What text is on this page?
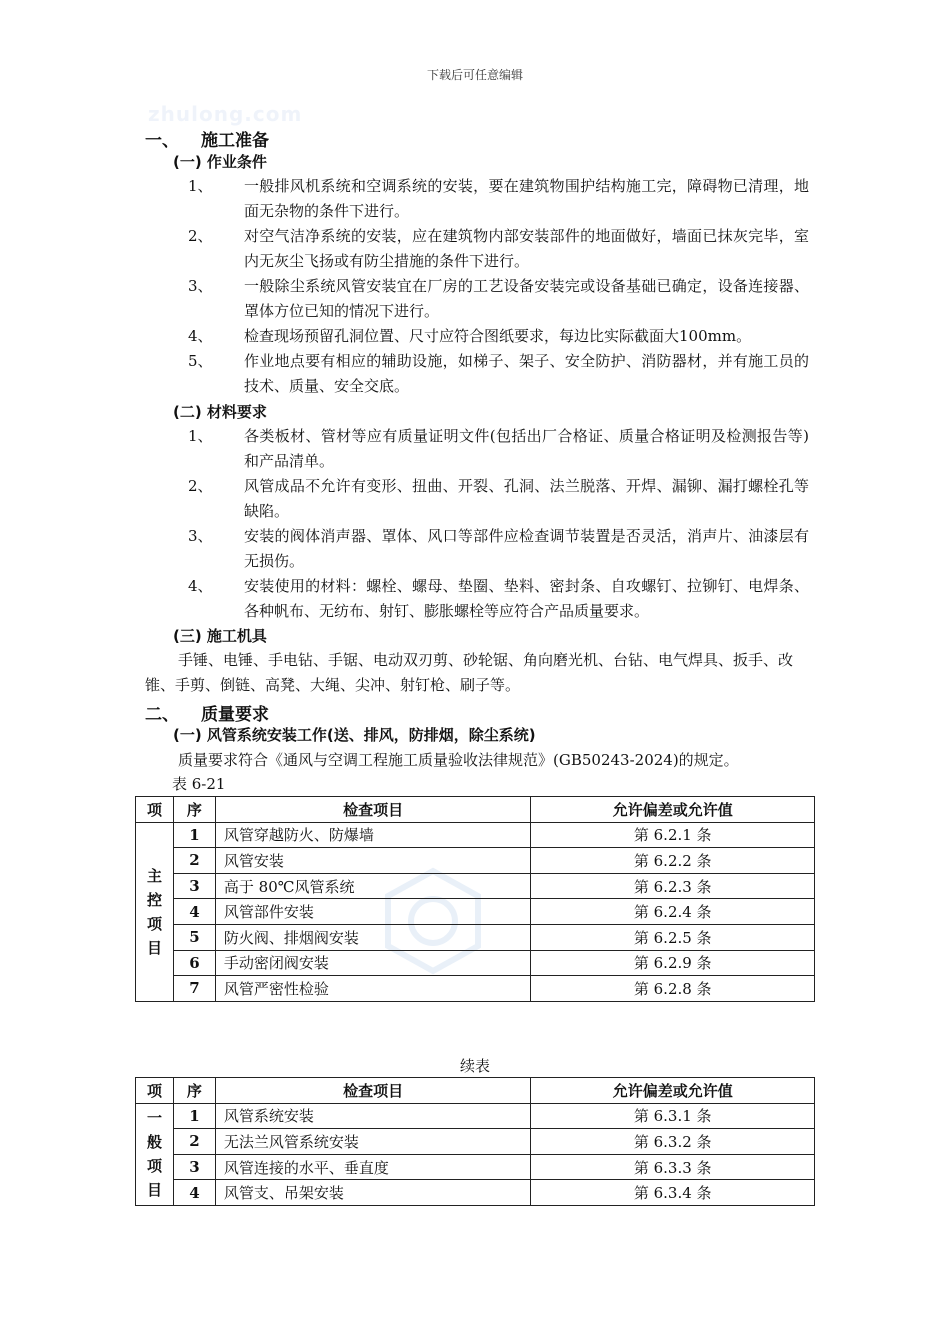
下载后可任意编辑
zhulong.com
一、 施工准备
(一) 作业条件
1、 一般排风机系统和空调系统的安装，要在建筑物围护结构施工完，障碍物已清理，地面无杂物的条件下进行。
2、 对空气洁净系统的安装，应在建筑物内部安装部件的地面做好，墙面已抹灰完毕，室内无灰尘飞扬或有防尘措施的条件下进行。
3、 一般除尘系统风管安装宜在厂房的工艺设备安装完或设备基础已确定，设备连接器、罩体方位已知的情况下进行。
4、 检查现场预留孔洞位置、尺寸应符合图纸要求，每边比实际截面大100mm。
5、 作业地点要有相应的辅助设施，如梯子、架子、安全防护、消防器材，并有施工员的技术、质量、安全交底。
(二) 材料要求
1、 各类板材、管材等应有质量证明文件(包括出厂合格证、质量合格证明及检测报告等)和产品清单。
2、 风管成品不允许有变形、扭曲、开裂、孔洞、法兰脱落、开焊、漏铆、漏打螺栓孔等缺陷。
3、 安装的阀体消声器、罩体、风口等部件应检查调节装置是否灵活，消声片、油漆层有无损伤。
4、 安装使用的材料：螺栓、螺母、垫圈、垫料、密封条、自攻螺钉、拉铆钉、电焊条、各种帆布、无纺布、射钉、膨胀螺栓等应符合产品质量要求。
(三) 施工机具
手锤、电锤、手电钻、手锯、电动双刃剪、砂轮锯、角向磨光机、台钻、电气焊具、扳手、改锥、手剪、倒链、高凳、大绳、尖冲、射钉枪、刷子等。
二、 质量要求
(一) 风管系统安装工作(送、排风，防排烟，除尘系统)
质量要求符合《通风与空调工程施工质量验收法律规范》(GB50243-2024)的规定。
表 6-21
项	序	检查项目	允许偏差或允许值

主控项目	1	风管穿越防火、防爆墙	第 6.2.1 条
	2	风管安装	第 6.2.2 条
	3	高于 80℃风管系统	第 6.2.3 条
	4	风管部件安装	第 6.2.4 条
	5	防火阀、排烟阀安装	第 6.2.5 条
	6	手动密闭阀安装	第 6.2.9 条
	7	风管严密性检验	第 6.2.8 条
续表
项	序	检查项目	允许偏差或允许值

一般项目	1	风管系统安装	第 6.3.1 条
	2	无法兰风管系统安装	第 6.3.2 条
	3	风管连接的水平、垂直度	第 6.3.3 条
	4	风管支、吊架安装	第 6.3.4 条
